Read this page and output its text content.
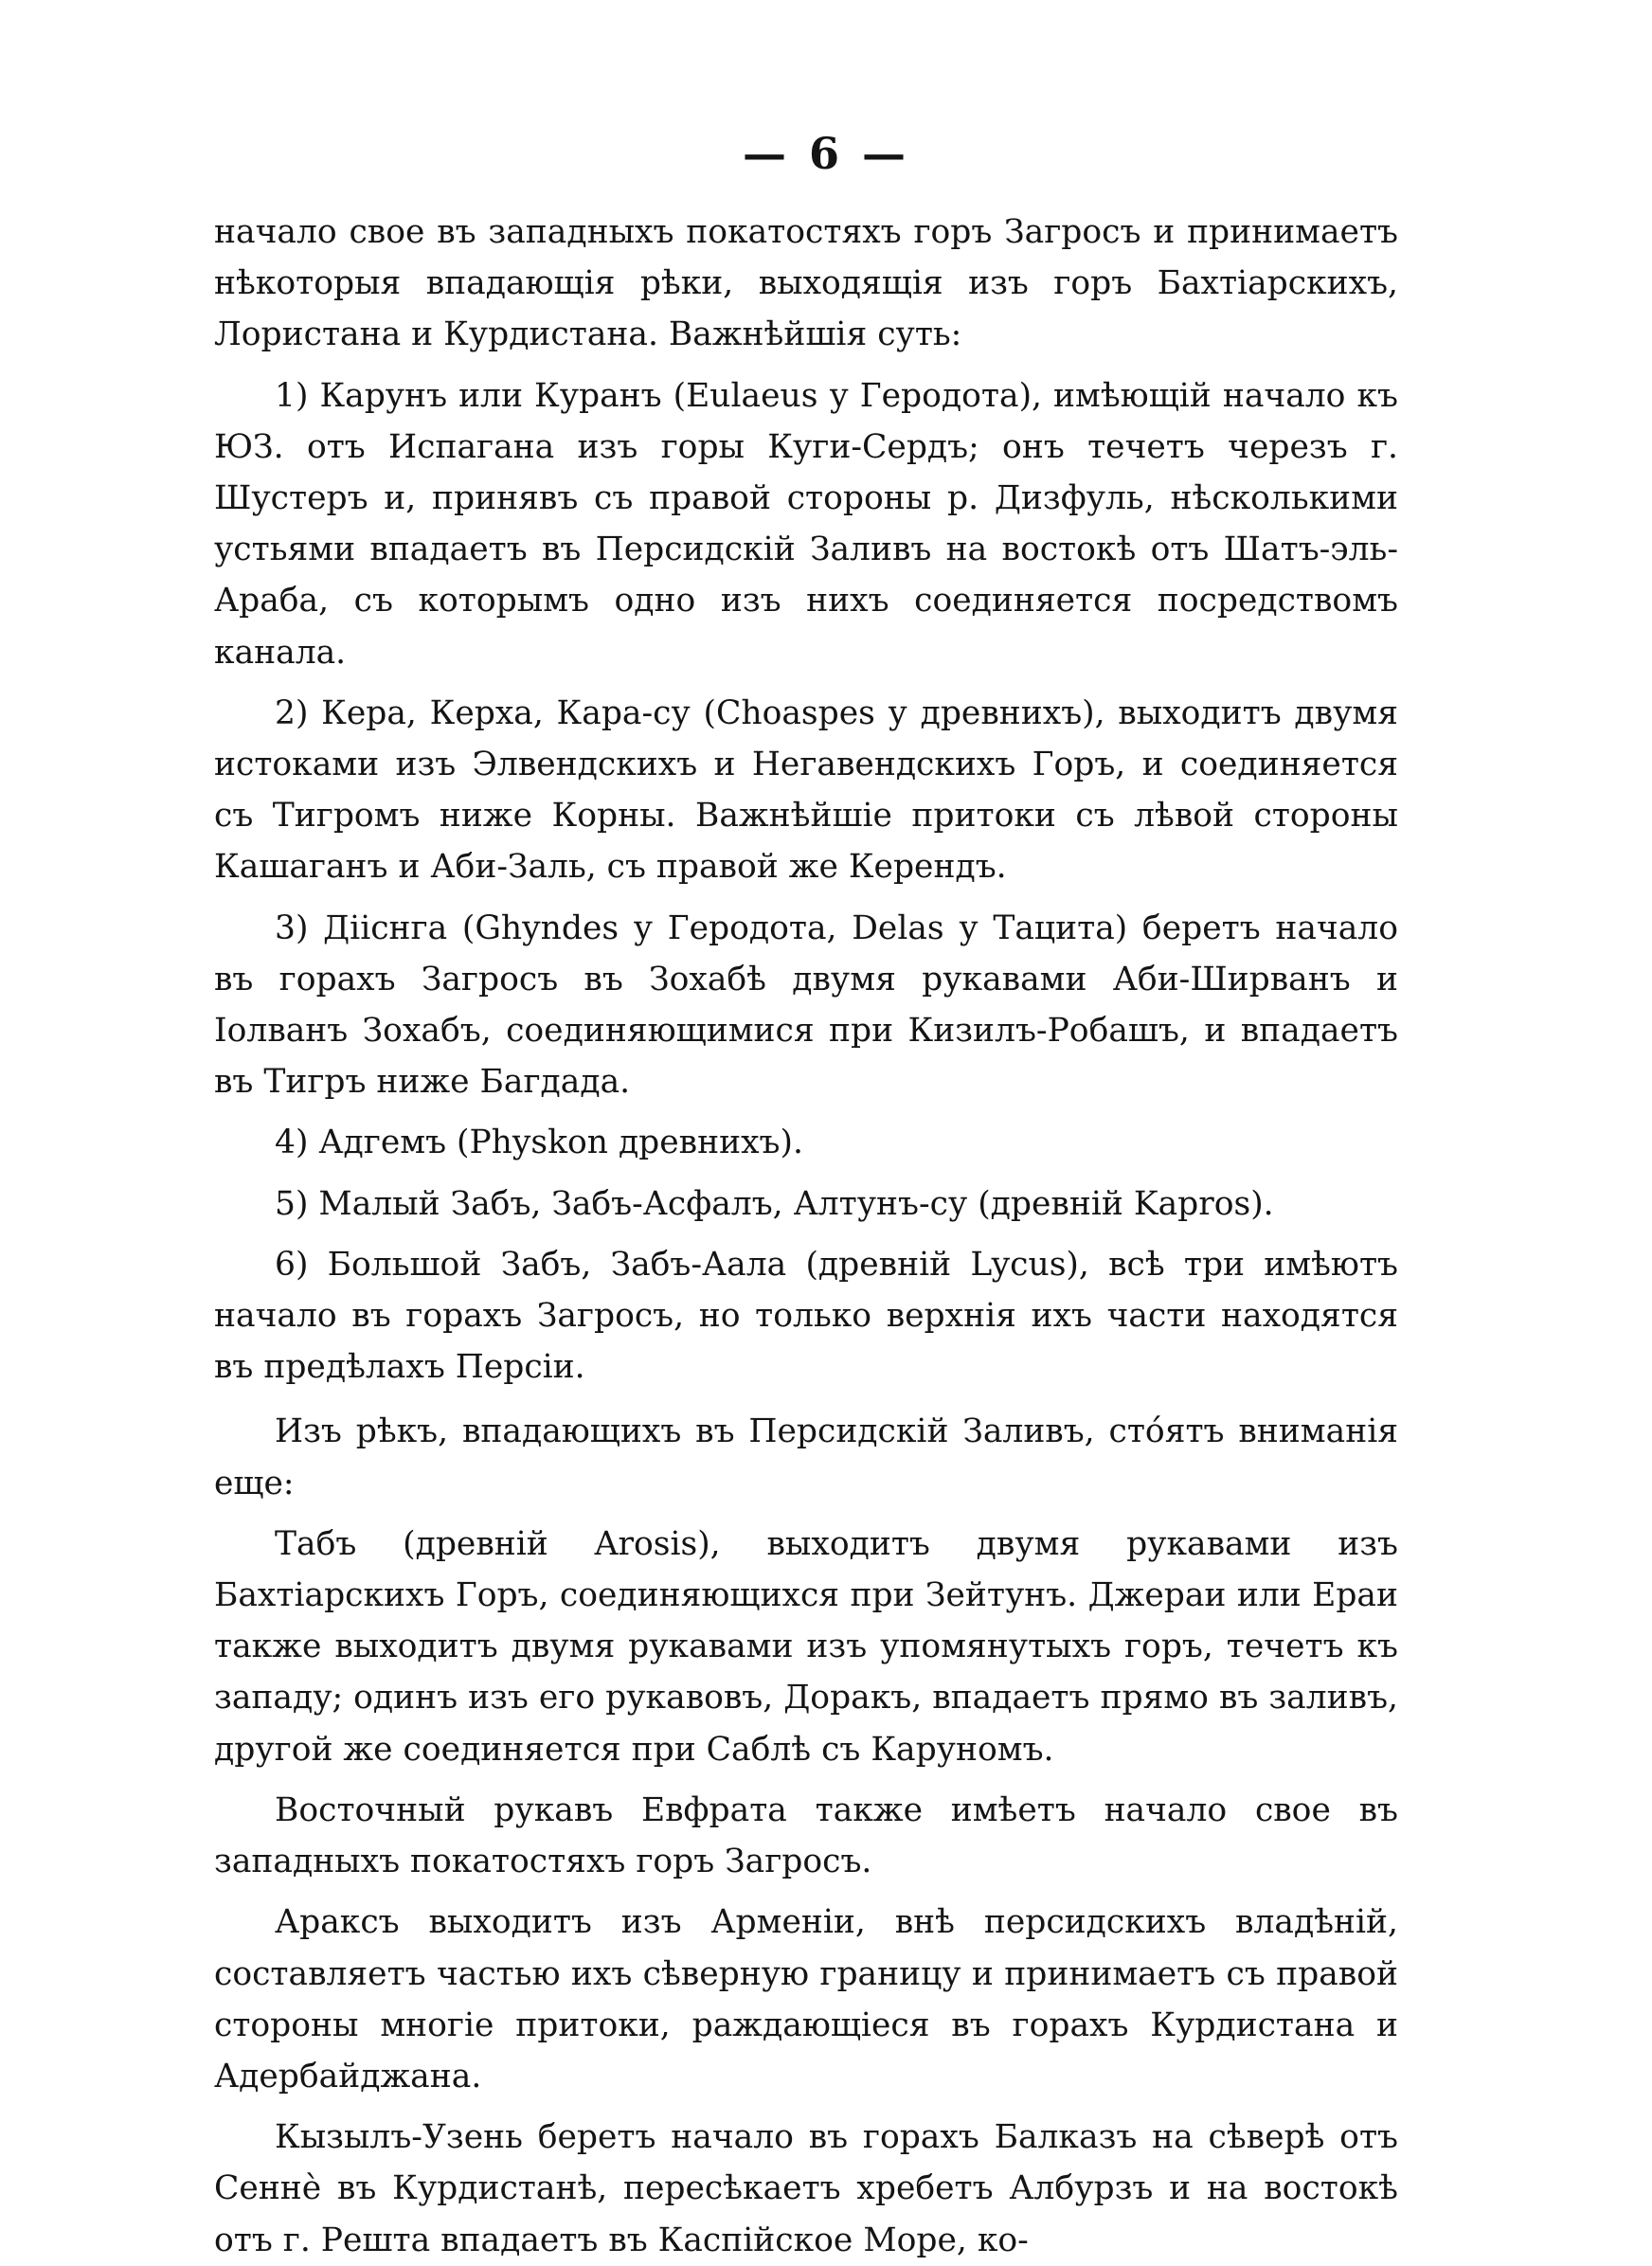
— 6 —

начало свое въ западныхъ покатостяхъ горъ Загросъ и принимаетъ нѣкоторыя впадающія рѣки, выходящія изъ горъ Бахтіарскихъ, Лористана и Курдистана. Важнѣйшія суть:

1) Карунъ или Куранъ (Eulaeus у Геродота), имѣющій начало къ ЮЗ. отъ Испагана изъ горы Куги-Сердъ; онъ течетъ черезъ г. Шустеръ и, принявъ съ правой стороны р. Дизфуль, нѣсколькими устьями впадаетъ въ Персидскій Заливъ на востокѣ отъ Шатъ-эль-Араба, съ которымъ одно изъ нихъ соединяется посредствомъ канала.

2) Кера, Керха, Кара-су (Choaspes у древнихъ), выходитъ двумя истоками изъ Элвендскихъ и Негавендскихъ Горъ, и соединяется съ Тигромъ ниже Корны. Важнѣйшіе притоки съ лѣвой стороны Кашаганъ и Аби-Заль, съ правой же Керендъ.

3) Дііснга (Ghyndes у Геродота, Delas у Тацита) беретъ начало въ горахъ Загросъ въ Зохабѣ двумя рукавами Аби-Ширванъ и Іолванъ Зохабъ, соединяющимися при Кизилъ-Робашъ, и впадаетъ въ Тигръ ниже Багдада.

4) Адгемъ (Physkon древнихъ).

5) Малый Забъ, Забъ-Асфалъ, Алтунъ-су (древній Kapros).

6) Большой Забъ, Забъ-Аала (древній Lycus), всѣ три имѣютъ начало въ горахъ Загросъ, но только верхнія ихъ части находятся въ предѣлахъ Персіи.

Изъ рѣкъ, впадающихъ въ Персидскій Заливъ, стóятъ вниманія еще:

Табъ (древній Arosis), выходитъ двумя рукавами изъ Бахтіарскихъ Горъ, соединяющихся при Зейтунъ. Джераи или Ераи также выходитъ двумя рукавами изъ упомянутыхъ горъ, течетъ къ западу; одинъ изъ его рукавовъ, Доракъ, впадаетъ прямо въ заливъ, другой же соединяется при Саблѣ съ Каруномъ.

Восточный рукавъ Евфрата также имѣетъ начало свое въ западныхъ покатостяхъ горъ Загросъ.

Араксъ выходитъ изъ Арменіи, внѣ персидскихъ владѣній, составляетъ частью ихъ сѣверную границу и принимаетъ съ правой стороны многіе притоки, раждающіеся въ горахъ Курдистана и Адербайджана.

Кызылъ-Узень беретъ начало въ горахъ Балказъ на сѣверѣ отъ Сеннѐ въ Курдистанѣ, пересѣкаетъ хребетъ Албурзъ и на востокѣ отъ г. Решта впадаетъ въ Каспійское Море, ко-
